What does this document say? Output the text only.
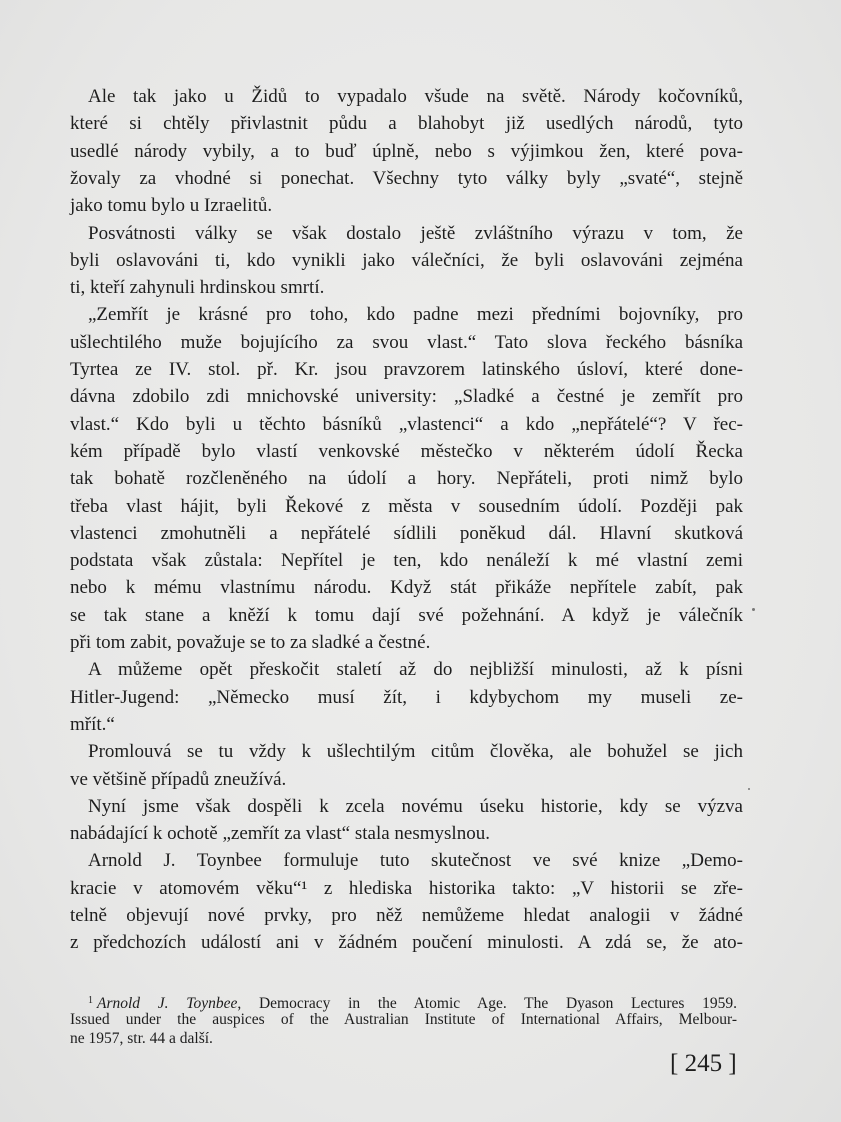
Ale tak jako u Židů to vypadalo všude na světě. Národy kočovníků,
které si chtěly přivlastnit půdu a blahobyt již usedlých národů, tyto
usedlé národy vybily, a to buď úplně, nebo s výjimkou žen, které pova-
žovaly za vhodné si ponechat. Všechny tyto války byly „svaté“, stejně
jako tomu bylo u Izraelitů.
Posvátnosti války se však dostalo ještě zvláštního výrazu v tom, že
byli oslavováni ti, kdo vynikli jako válečníci, že byli oslavováni zejména
ti, kteří zahynuli hrdinskou smrtí.
„Zemřít je krásné pro toho, kdo padne mezi předními bojovníky, pro
ušlechtilého muže bojujícího za svou vlast.“ Tato slova řeckého básníka
Tyrtea ze IV. stol. př. Kr. jsou pravzorem latinského úsloví, které done-
dávna zdobilo zdi mnichovské university: „Sladké a čestné je zemřít pro
vlast.“ Kdo byli u těchto básníků „vlastenci“ a kdo „nepřátelé“? V řec-
kém případě bylo vlastí venkovské městečko v některém údolí Řecka
tak bohatě rozčleněného na údolí a hory. Nepřáteli, proti nimž bylo
třeba vlast hájit, byli Řekové z města v sousedním údolí. Později pak
vlastenci zmohutněli a nepřátelé sídlili poněkud dál. Hlavní skutková
podstata však zůstala: Nepřítel je ten, kdo nenáleží k mé vlastní zemi
nebo k mému vlastnímu národu. Když stát přikáže nepřítele zabít, pak
se tak stane a kněží k tomu dají své požehnání. A když je válečník
při tom zabit, považuje se to za sladké a čestné.
A můžeme opět přeskočit staletí až do nejbližší minulosti, až k písni
Hitler-Jugend: „Německo musí žít, i kdybychom my museli ze-
mřít.“
Promlouvá se tu vždy k ušlechtilým citům člověka, ale bohužel se jich
ve většině případů zneužívá.
Nyní jsme však dospěli k zcela novému úseku historie, kdy se výzva
nabádající k ochotě „zemřít za vlast“ stala nesmyslnou.
Arnold J. Toynbee formuluje tuto skutečnost ve své knize „Demo-
kracie v atomovém věku“¹ z hlediska historika takto: „V historii se zře-
telně objevují nové prvky, pro něž nemůžeme hledat analogii v žádné
z předchozích událostí ani v žádném poučení minulosti. A zdá se, že ato-
$^1$ Arnold J. Toynbee, Democracy in the Atomic Age. The Dyason Lectures 1959.
Issued under the auspices of the Australian Institute of International Affairs, Melbour-
ne 1957, str. 44 a další.
[ 245 ]
